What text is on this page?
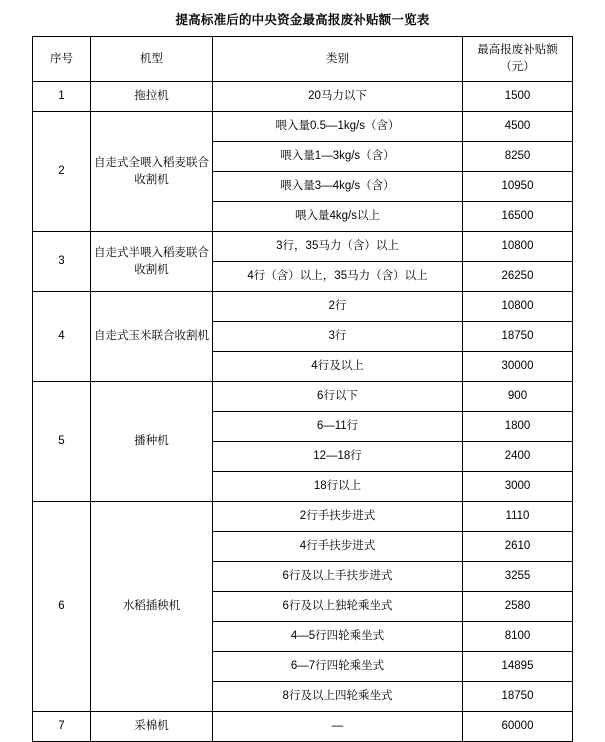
提高标准后的中央资金最高报废补贴额一览表
序号	机型	类别	最高报废补贴额（元）
1	拖拉机	20马力以下	1500
2	自走式全喂入稻麦联合收割机	喂入量0.5—1kg/s（含）	4500
		喂入量1—3kg/s（含）	8250
		喂入量3—4kg/s（含）	10950
		喂入量4kg/s以上	16500
3	自走式半喂入稻麦联合收割机	3行，35马力（含）以上	10800
		4行（含）以上，35马力（含）以上	26250
4	自走式玉米联合收割机	2行	10800
		3行	18750
		4行及以上	30000
5	播种机	6行以下	900
		6—11行	1800
		12—18行	2400
		18行以上	3000
6	水稻插秧机	2行手扶步进式	1110
		4行手扶步进式	2610
		6行及以上手扶步进式	3255
		6行及以上独轮乘坐式	2580
		4—5行四轮乘坐式	8100
		6—7行四轮乘坐式	14895
		8行及以上四轮乘坐式	18750
7	采棉机	—	60000
